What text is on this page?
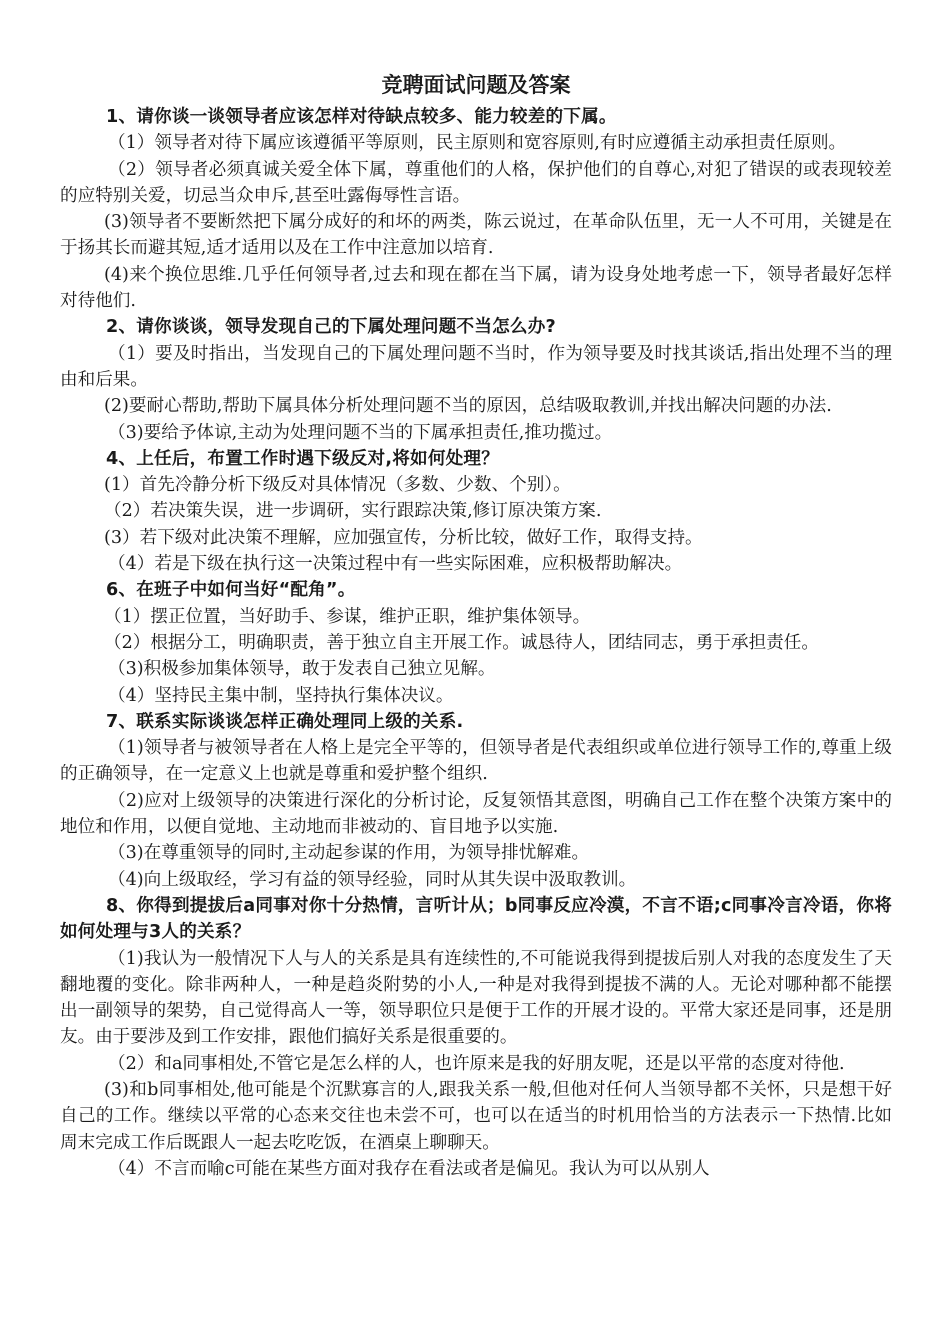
竞聘面试问题及答案

1、请你谈一谈领导者应该怎样对待缺点较多、能力较差的下属。

（1）领导者对待下属应该遵循平等原则，民主原则和宽容原则,有时应遵循主动承担责任原则。

（2）领导者必须真诚关爱全体下属，尊重他们的人格，保护他们的自尊心,对犯了错误的或表现较差的应特别关爱，切忌当众申斥,甚至吐露侮辱性言语。

(3)领导者不要断然把下属分成好的和坏的两类，陈云说过，在革命队伍里，无一人不可用，关键是在于扬其长而避其短,适才适用以及在工作中注意加以培育.

(4)来个换位思维.几乎任何领导者,过去和现在都在当下属，请为设身处地考虑一下，领导者最好怎样对待他们.

2、请你谈谈，领导发现自己的下属处理问题不当怎么办?

（1）要及时指出，当发现自己的下属处理问题不当时，作为领导要及时找其谈话,指出处理不当的理由和后果。

(2)要耐心帮助,帮助下属具体分析处理问题不当的原因，总结吸取教训,并找出解决问题的办法.

（3)要给予体谅,主动为处理问题不当的下属承担责任,推功揽过。

4、上任后，布置工作时遇下级反对,将如何处理？

(1）首先冷静分析下级反对具体情况（多数、少数、个别）。

（2）若决策失误，进一步调研，实行跟踪决策,修订原决策方案.

(3）若下级对此决策不理解，应加强宣传，分析比较，做好工作，取得支持。

（4）若是下级在执行这一决策过程中有一些实际困难，应积极帮助解决。

6、在班子中如何当好“配角”。

（1）摆正位置，当好助手、参谋，维护正职，维护集体领导。

（2）根据分工，明确职责，善于独立自主开展工作。诚恳待人，团结同志，勇于承担责任。

（3)积极参加集体领导，敢于发表自己独立见解。

（4）坚持民主集中制，坚持执行集体决议。

7、联系实际谈谈怎样正确处理同上级的关系.

（1)领导者与被领导者在人格上是完全平等的，但领导者是代表组织或单位进行领导工作的,尊重上级的正确领导，在一定意义上也就是尊重和爱护整个组织.

（2)应对上级领导的决策进行深化的分析讨论，反复领悟其意图，明确自己工作在整个决策方案中的地位和作用，以便自觉地、主动地而非被动的、盲目地予以实施.

（3)在尊重领导的同时,主动起参谋的作用，为领导排忧解难。

（4)向上级取经，学习有益的领导经验，同时从其失误中汲取教训。

8、你得到提拔后a同事对你十分热情，言听计从；b同事反应冷漠，不言不语;c同事冷言冷语，你将如何处理与3人的关系？

（1)我认为一般情况下人与人的关系是具有连续性的,不可能说我得到提拔后别人对我的态度发生了天翻地覆的变化。除非两种人，一种是趋炎附势的小人,一种是对我得到提拔不满的人。无论对哪种都不能摆出一副领导的架势，自己觉得高人一等，领导职位只是便于工作的开展才设的。平常大家还是同事，还是朋友。由于要涉及到工作安排，跟他们搞好关系是很重要的。

（2）和a同事相处,不管它是怎么样的人，也许原来是我的好朋友呢，还是以平常的态度对待他.

(3)和b同事相处,他可能是个沉默寡言的人,跟我关系一般,但他对任何人当领导都不关怀，只是想干好自己的工作。继续以平常的心态来交往也未尝不可，也可以在适当的时机用恰当的方法表示一下热情.比如周末完成工作后既跟人一起去吃吃饭，在酒桌上聊聊天。

（4）不言而喻c可能在某些方面对我存在看法或者是偏见。我认为可以从别人
